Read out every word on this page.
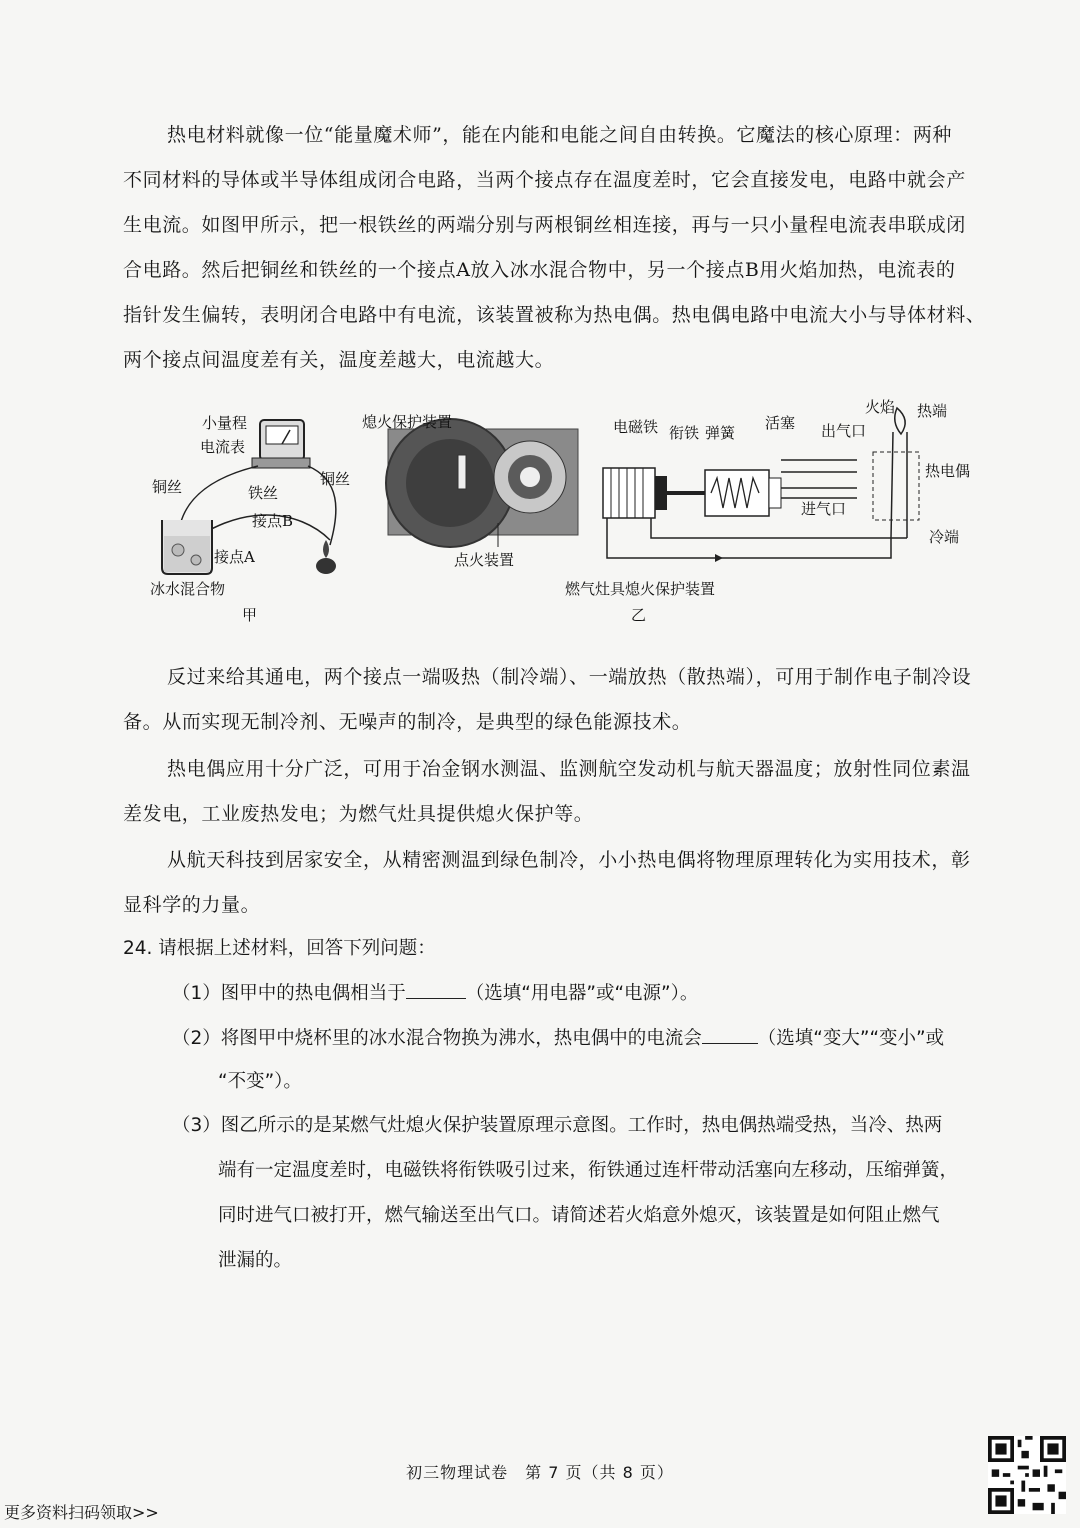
热电材料就像一位“能量魔术师”，能在内能和电能之间自由转换。它魔法的核心原理：两种
不同材料的导体或半导体组成闭合电路，当两个接点存在温度差时，它会直接发电，电路中就会产
生电流。如图甲所示，把一根铁丝的两端分别与两根铜丝相连接，再与一只小量程电流表串联成闭
合电路。然后把铜丝和铁丝的一个接点A放入冰水混合物中，另一个接点B用火焰加热，电流表的
指针发生偏转，表明闭合电路中有电流，该装置被称为热电偶。热电偶电路中电流大小与导体材料、
两个接点间温度差有关，温度差越大，电流越大。
小量程
电流表
铜丝	铜丝
铁丝
接点B
接点A
冰水混合物
甲
熄火保护装置
点火装置
电磁铁 衔铁 弹簧
活塞 出气口
火焰 热端
热电偶
进气口
冷端
燃气灶具熄火保护装置
乙
反过来给其通电，两个接点一端吸热（制冷端）、一端放热（散热端），可用于制作电子制冷设
备。从而实现无制冷剂、无噪声的制冷，是典型的绿色能源技术。
热电偶应用十分广泛，可用于冶金钢水测温、监测航空发动机与航天器温度；放射性同位素温
差发电，工业废热发电；为燃气灶具提供熄火保护等。
从航天科技到居家安全，从精密测温到绿色制冷，小小热电偶将物理原理转化为实用技术，彰
显科学的力量。
24. 请根据上述材料，回答下列问题：
（1）图甲中的热电偶相当于	（选填“用电器”或“电源”）。
（2）将图甲中烧杯里的冰水混合物换为沸水，热电偶中的电流会	（选填“变大”“变小”或
“不变”）。
（3）图乙所示的是某燃气灶熄火保护装置原理示意图。工作时，热电偶热端受热，当冷、热两
端有一定温度差时，电磁铁将衔铁吸引过来，衔铁通过连杆带动活塞向左移动，压缩弹簧，
同时进气口被打开，燃气输送至出气口。请简述若火焰意外熄灭，该装置是如何阻止燃气
泄漏的。
初三物理试卷　第 7 页（共 8 页）
更多资料扫码领取>>
